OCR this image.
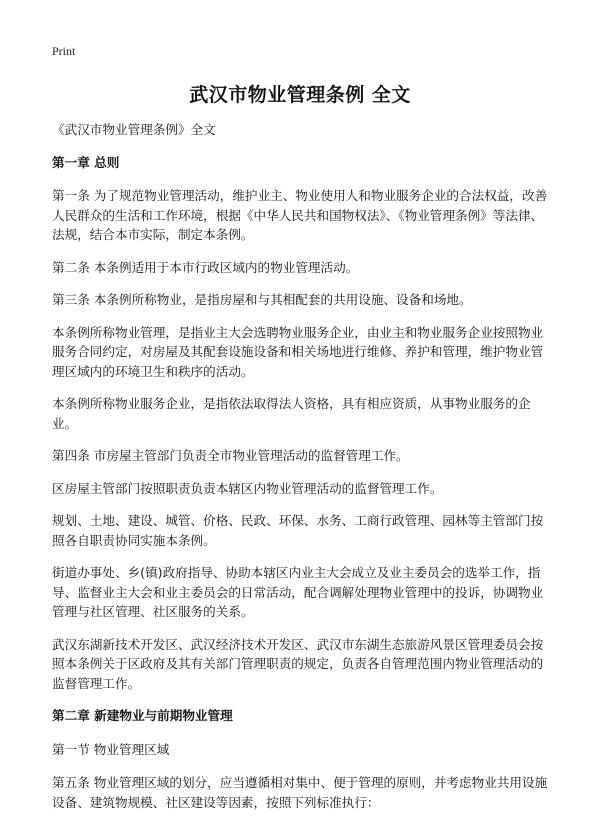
Print
武汉市物业管理条例 全文

《武汉市物业管理条例》全文

第一章 总则

第一条 为了规范物业管理活动，维护业主、物业使用人和物业服务企业的合法权益，改善人民群众的生活和工作环境，根据《中华人民共和国物权法》、《物业管理条例》等法律、法规，结合本市实际，制定本条例。

第二条 本条例适用于本市行政区域内的物业管理活动。

第三条 本条例所称物业，是指房屋和与其相配套的共用设施、设备和场地。

本条例所称物业管理，是指业主大会选聘物业服务企业，由业主和物业服务企业按照物业服务合同约定，对房屋及其配套设施设备和相关场地进行维修、养护和管理，维护物业管理区域内的环境卫生和秩序的活动。

本条例所称物业服务企业，是指依法取得法人资格，具有相应资质，从事物业服务的企业。

第四条 市房屋主管部门负责全市物业管理活动的监督管理工作。

区房屋主管部门按照职责负责本辖区内物业管理活动的监督管理工作。

规划、土地、建设、城管、价格、民政、环保、水务、工商行政管理、园林等主管部门按照各自职责协同实施本条例。

街道办事处、乡(镇)政府指导、协助本辖区内业主大会成立及业主委员会的选举工作，指导、监督业主大会和业主委员会的日常活动，配合调解处理物业管理中的投诉，协调物业管理与社区管理、社区服务的关系。

武汉东湖新技术开发区、武汉经济技术开发区、武汉市东湖生态旅游风景区管理委员会按照本条例关于区政府及其有关部门管理职责的规定，负责各自管理范围内物业管理活动的监督管理工作。

第二章 新建物业与前期物业管理

第一节 物业管理区域

第五条 物业管理区域的划分，应当遵循相对集中、便于管理的原则，并考虑物业共用设施设备、建筑物规模、社区建设等因素，按照下列标准执行：
